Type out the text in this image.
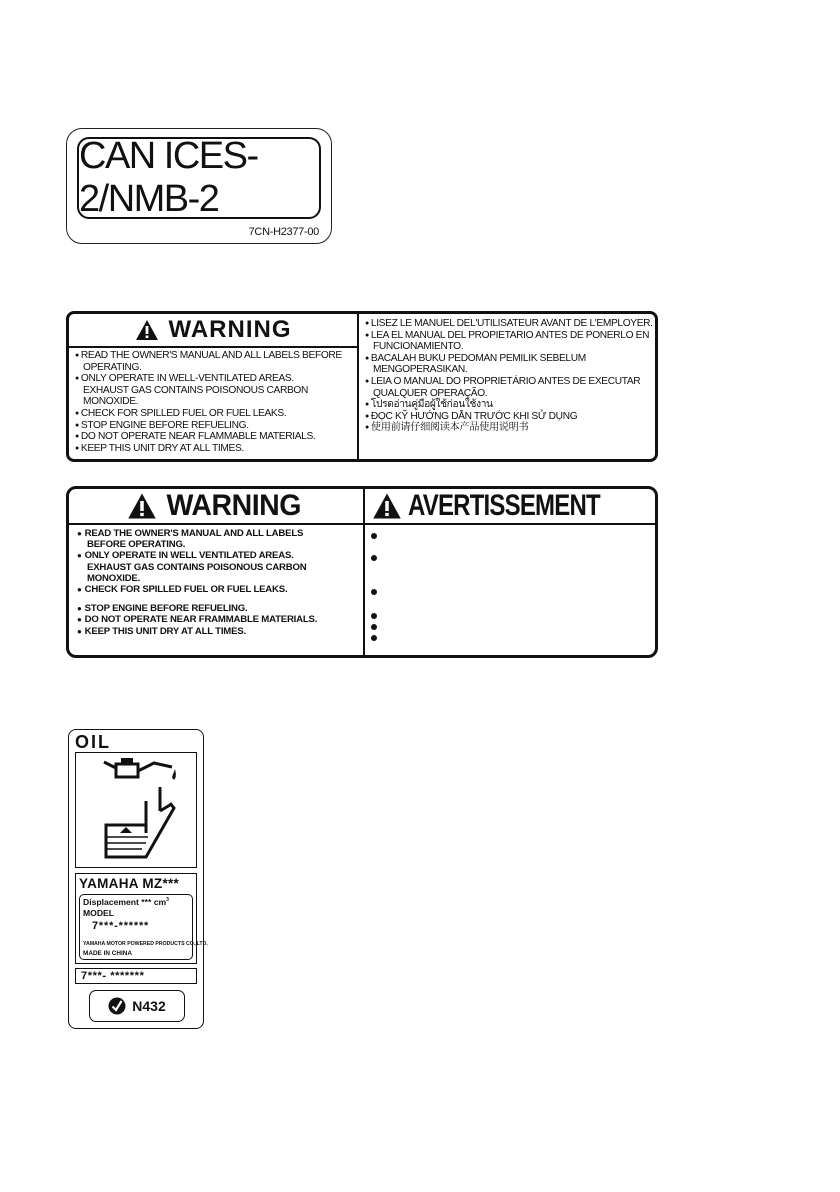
CAN ICES-2/NMB-2
7CN-H2377-00
WARNING
● READ THE OWNER'S MANUAL AND ALL LABELS BEFORE OPERATING.
● ONLY OPERATE IN WELL-VENTILATED AREAS.
EXHAUST GAS CONTAINS POISONOUS CARBON MONOXIDE.
● CHECK FOR SPILLED FUEL OR FUEL LEAKS.
● STOP ENGINE BEFORE REFUELING.
● DO NOT OPERATE NEAR FLAMMABLE MATERIALS.
● KEEP THIS UNIT DRY AT ALL TIMES.
● LISEZ LE MANUEL DEL'UTILISATEUR AVANT DE L'EMPLOYER.
● LEA EL MANUAL DEL PROPIETARIO ANTES DE PONERLO EN FUNCIONAMIENTO.
● BACALAH BUKU PEDOMAN PEMILIK SEBELUM MENGOPERASIKAN.
● LEIA O MANUAL DO PROPRIETÁRIO ANTES DE EXECUTAR QUALQUER OPERAÇÃO.
● โปรดอ่านคู่มือผู้ใช้ก่อนใช้งาน
● ĐỌC KỸ HƯỚNG DẪN TRƯỚC KHI SỬ DỤNG
● 使用前请仔细阅读本产品使用说明书
WARNING	AVERTISSEMENT
● READ THE OWNER'S MANUAL AND ALL LABELS
BEFORE OPERATING.
● ONLY OPERATE IN WELL VENTILATED AREAS.
EXHAUST GAS CONTAINS POISONOUS CARBON
MONOXIDE.
● CHECK FOR SPILLED FUEL OR FUEL LEAKS.
● STOP ENGINE BEFORE REFUELING.
● DO NOT OPERATE NEAR FRAMMABLE MATERIALS.
● KEEP THIS UNIT DRY AT ALL TIMES.
OIL
YAMAHA MZ***
Displacement *** $cm^3$
MODEL
7***-******
YAMAHA MOTOR POWERED PRODUCTS CO.,LTD.
MADE IN CHINA
7***- *******
N432
